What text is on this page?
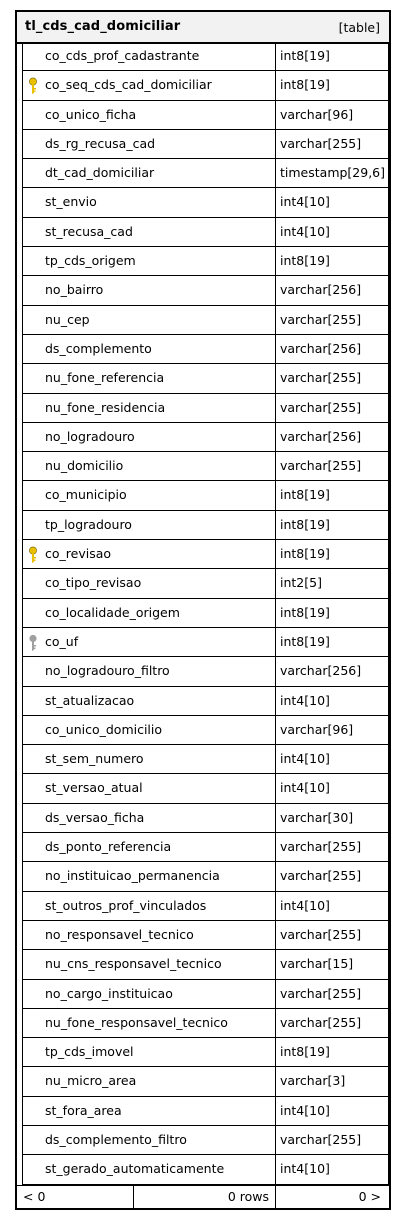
tl_cds_cad_domiciliar	[table]
co_cds_prof_cadastrante	int8[19]
co_seq_cds_cad_domiciliar	int8[19]
co_unico_ficha	varchar[96]
ds_rg_recusa_cad	varchar[255]
dt_cad_domiciliar	timestamp[29,6]
st_envio	int4[10]
st_recusa_cad	int4[10]
tp_cds_origem	int8[19]
no_bairro	varchar[256]
nu_cep	varchar[255]
ds_complemento	varchar[256]
nu_fone_referencia	varchar[255]
nu_fone_residencia	varchar[255]
no_logradouro	varchar[256]
nu_domicilio	varchar[255]
co_municipio	int8[19]
tp_logradouro	int8[19]
co_revisao	int8[19]
co_tipo_revisao	int2[5]
co_localidade_origem	int8[19]
co_uf	int8[19]
no_logradouro_filtro	varchar[256]
st_atualizacao	int4[10]
co_unico_domicilio	varchar[96]
st_sem_numero	int4[10]
st_versao_atual	int4[10]
ds_versao_ficha	varchar[30]
ds_ponto_referencia	varchar[255]
no_instituicao_permanencia	varchar[255]
st_outros_prof_vinculados	int4[10]
no_responsavel_tecnico	varchar[255]
nu_cns_responsavel_tecnico	varchar[15]
no_cargo_instituicao	varchar[255]
nu_fone_responsavel_tecnico	varchar[255]
tp_cds_imovel	int8[19]
nu_micro_area	varchar[3]
st_fora_area	int4[10]
ds_complemento_filtro	varchar[255]
st_gerado_automaticamente	int4[10]
< 0	0 rows	0 >
